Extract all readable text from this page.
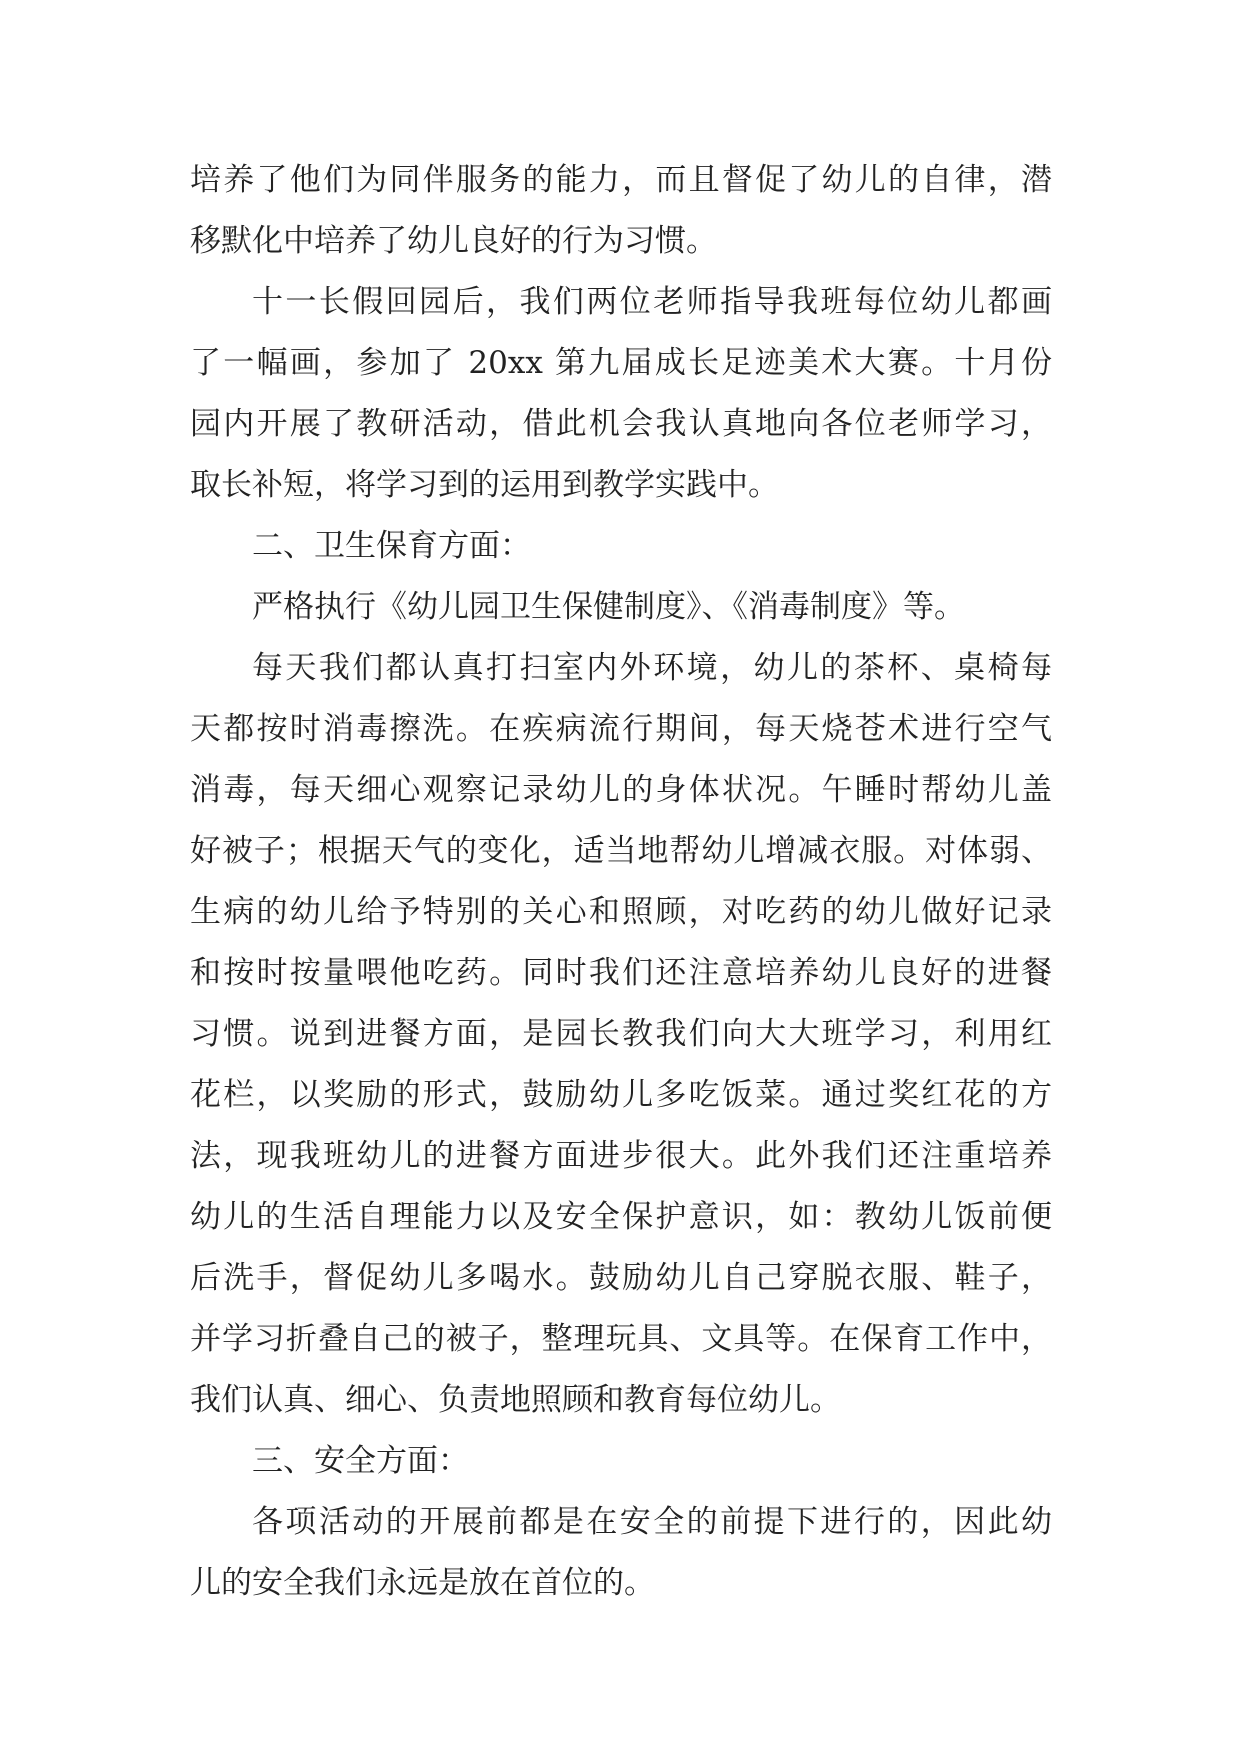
培养了他们为同伴服务的能力，而且督促了幼儿的自律，潜
移默化中培养了幼儿良好的行为习惯。
十一长假回园后，我们两位老师指导我班每位幼儿都画
了一幅画，参加了 20xx 第九届成长足迹美术大赛。十月份
园内开展了教研活动，借此机会我认真地向各位老师学习，
取长补短，将学习到的运用到教学实践中。
二、卫生保育方面：
严格执行《幼儿园卫生保健制度》、《消毒制度》等。
每天我们都认真打扫室内外环境，幼儿的茶杯、桌椅每
天都按时消毒擦洗。在疾病流行期间，每天烧苍术进行空气
消毒，每天细心观察记录幼儿的身体状况。午睡时帮幼儿盖
好被子；根据天气的变化，适当地帮幼儿增减衣服。对体弱、
生病的幼儿给予特别的关心和照顾，对吃药的幼儿做好记录
和按时按量喂他吃药。同时我们还注意培养幼儿良好的进餐
习惯。说到进餐方面，是园长教我们向大大班学习，利用红
花栏，以奖励的形式，鼓励幼儿多吃饭菜。通过奖红花的方
法，现我班幼儿的进餐方面进步很大。此外我们还注重培养
幼儿的生活自理能力以及安全保护意识，如：教幼儿饭前便
后洗手，督促幼儿多喝水。鼓励幼儿自己穿脱衣服、鞋子，
并学习折叠自己的被子，整理玩具、文具等。在保育工作中，
我们认真、细心、负责地照顾和教育每位幼儿。
三、安全方面：
各项活动的开展前都是在安全的前提下进行的，因此幼
儿的安全我们永远是放在首位的。
